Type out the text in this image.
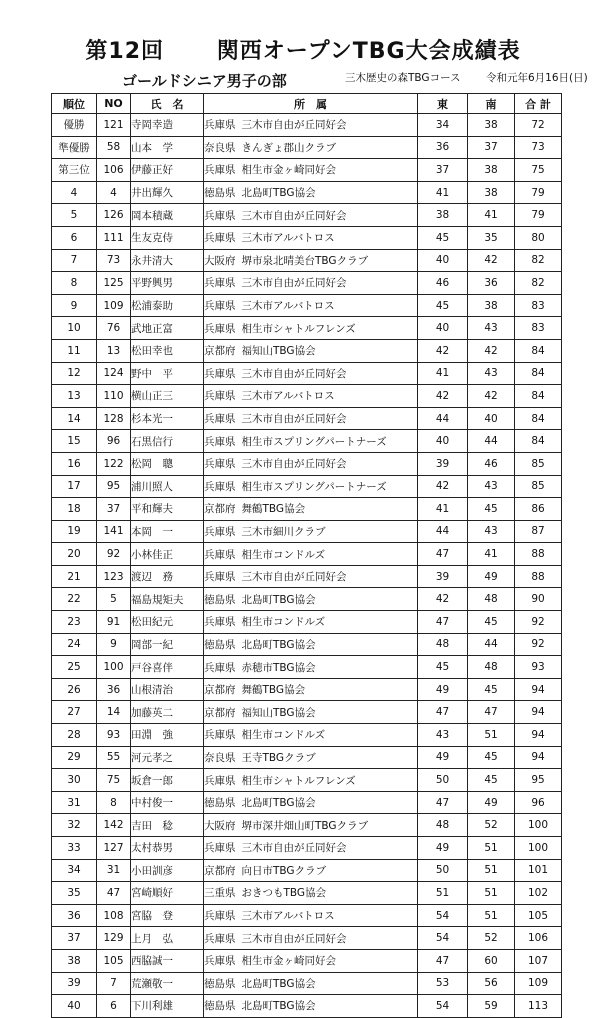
第12回 関西オープンTBG大会成績表
ゴールドシニア男子の部	三木歴史の森TBGコース 令和元年6月16日(日)
順位	NO	氏　名	所　属	東	南	合 計
優勝	121	寺岡幸造	兵庫県 三木市自由が丘同好会	34	38	72
準優勝	58	山本　学	奈良県 きんぎょ郡山クラブ	36	37	73
第三位	106	伊藤正好	兵庫県 相生市金ヶ崎同好会	37	38	75
4	4	井出輝久	徳島県 北島町TBG協会	41	38	79
5	126	岡本積蔵	兵庫県 三木市自由が丘同好会	38	41	79
6	111	生友克侍	兵庫県 三木市アルバトロス	45	35	80
7	73	永井清大	大阪府 堺市泉北晴美台TBGクラブ	40	42	82
8	125	平野興男	兵庫県 三木市自由が丘同好会	46	36	82
9	109	松浦泰助	兵庫県 三木市アルバトロス	45	38	83
10	76	武地正富	兵庫県 相生市シャトルフレンズ	40	43	83
11	13	松田幸也	京都府 福知山TBG協会	42	42	84
12	124	野中　平	兵庫県 三木市自由が丘同好会	41	43	84
13	110	横山正三	兵庫県 三木市アルバトロス	42	42	84
14	128	杉本光一	兵庫県 三木市自由が丘同好会	44	40	84
15	96	石黒信行	兵庫県 相生市スプリングパートナーズ	40	44	84
16	122	松岡　聰	兵庫県 三木市自由が丘同好会	39	46	85
17	95	浦川照人	兵庫県 相生市スプリングパートナーズ	42	43	85
18	37	平和輝夫	京都府 舞鶴TBG協会	41	45	86
19	141	本岡　一	兵庫県 三木市細川クラブ	44	43	87
20	92	小林佳正	兵庫県 相生市コンドルズ	47	41	88
21	123	渡辺　務	兵庫県 三木市自由が丘同好会	39	49	88
22	5	福島規矩夫	徳島県 北島町TBG協会	42	48	90
23	91	松田紀元	兵庫県 相生市コンドルズ	47	45	92
24	9	岡部一紀	徳島県 北島町TBG協会	48	44	92
25	100	戸谷喜伴	兵庫県 赤穂市TBG協会	45	48	93
26	36	山根清治	京都府 舞鶴TBG協会	49	45	94
27	14	加藤英二	京都府 福知山TBG協会	47	47	94
28	93	田淵　強	兵庫県 相生市コンドルズ	43	51	94
29	55	河元孝之	奈良県 王寺TBGクラブ	49	45	94
30	75	坂倉一郎	兵庫県 相生市シャトルフレンズ	50	45	95
31	8	中村俊一	徳島県 北島町TBG協会	47	49	96
32	142	吉田　稔	大阪府 堺市深井畑山町TBGクラブ	48	52	100
33	127	太村恭男	兵庫県 三木市自由が丘同好会	49	51	100
34	31	小田訓彦	京都府 向日市TBGクラブ	50	51	101
35	47	宮崎順好	三重県 おきつもTBG協会	51	51	102
36	108	宮脇　登	兵庫県 三木市アルバトロス	54	51	105
37	129	上月　弘	兵庫県 三木市自由が丘同好会	54	52	106
38	105	西脇誠一	兵庫県 相生市金ヶ崎同好会	47	60	107
39	7	荒瀬敬一	徳島県 北島町TBG協会	53	56	109
40	6	下川利雄	徳島県 北島町TBG協会	54	59	113
